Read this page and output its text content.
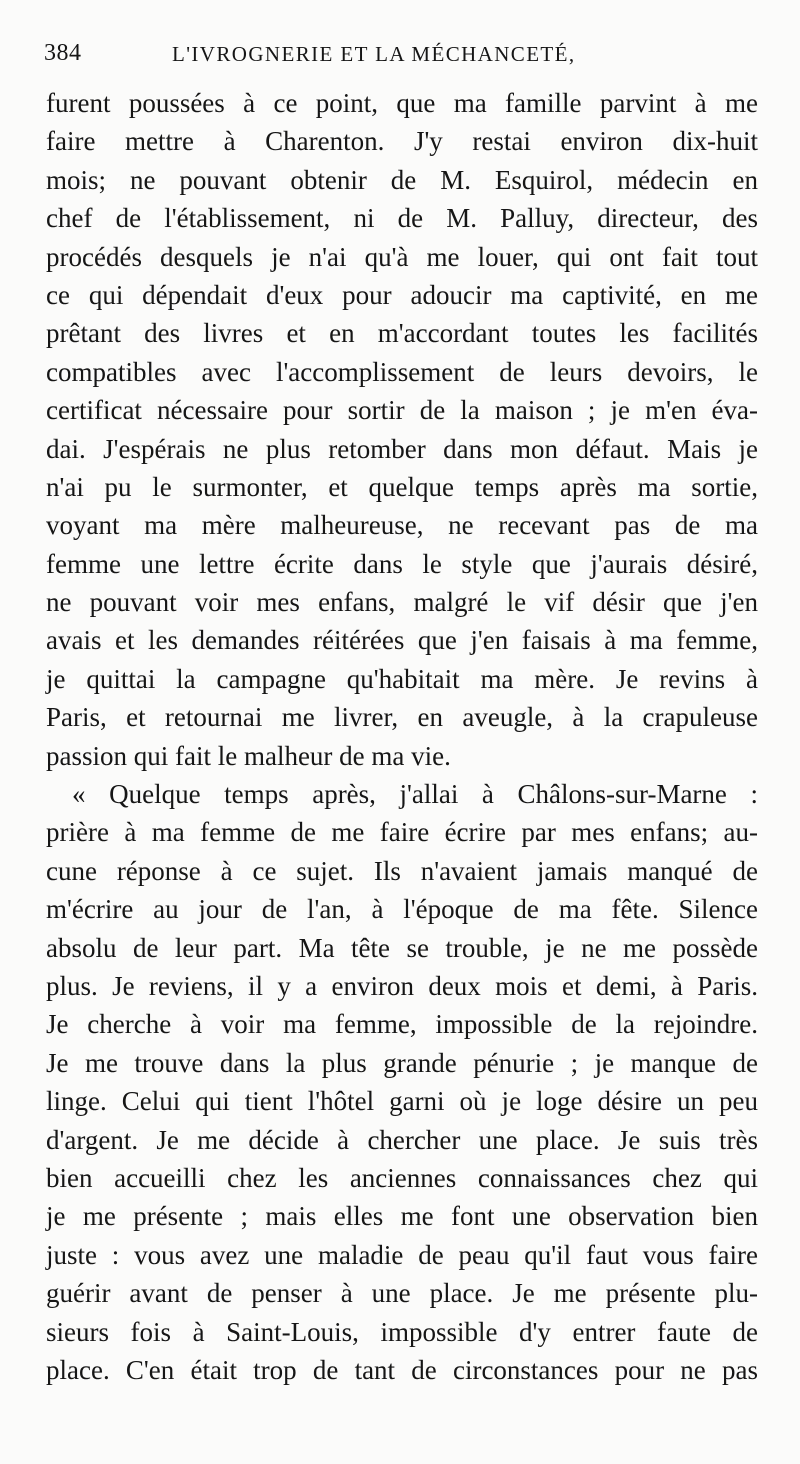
384	L'IVROGNERIE ET LA MÉCHANCETÉ,
furent poussées à ce point, que ma famille parvint à me
faire mettre à Charenton. J'y restai environ dix-huit
mois; ne pouvant obtenir de M. Esquirol, médecin en
chef de l'établissement, ni de M. Palluy, directeur, des
procédés desquels je n'ai qu'à me louer, qui ont fait tout
ce qui dépendait d'eux pour adoucir ma captivité, en me
prêtant des livres et en m'accordant toutes les facilités
compatibles avec l'accomplissement de leurs devoirs, le
certificat nécessaire pour sortir de la maison ; je m'en éva-
dai. J'espérais ne plus retomber dans mon défaut. Mais je
n'ai pu le surmonter, et quelque temps après ma sortie,
voyant ma mère malheureuse, ne recevant pas de ma
femme une lettre écrite dans le style que j'aurais désiré,
ne pouvant voir mes enfans, malgré le vif désir que j'en
avais et les demandes réitérées que j'en faisais à ma femme,
je quittai la campagne qu'habitait ma mère. Je revins à
Paris, et retournai me livrer, en aveugle, à la crapuleuse
passion qui fait le malheur de ma vie.
« Quelque temps après, j'allai à Châlons-sur-Marne :
prière à ma femme de me faire écrire par mes enfans; au-
cune réponse à ce sujet. Ils n'avaient jamais manqué de
m'écrire au jour de l'an, à l'époque de ma fête. Silence
absolu de leur part. Ma tête se trouble, je ne me possède
plus. Je reviens, il y a environ deux mois et demi, à Paris.
Je cherche à voir ma femme, impossible de la rejoindre.
Je me trouve dans la plus grande pénurie ; je manque de
linge. Celui qui tient l'hôtel garni où je loge désire un peu
d'argent. Je me décide à chercher une place. Je suis très
bien accueilli chez les anciennes connaissances chez qui
je me présente ; mais elles me font une observation bien
juste : vous avez une maladie de peau qu'il faut vous faire
guérir avant de penser à une place. Je me présente plu-
sieurs fois à Saint-Louis, impossible d'y entrer faute de
place. C'en était trop de tant de circonstances pour ne pas
